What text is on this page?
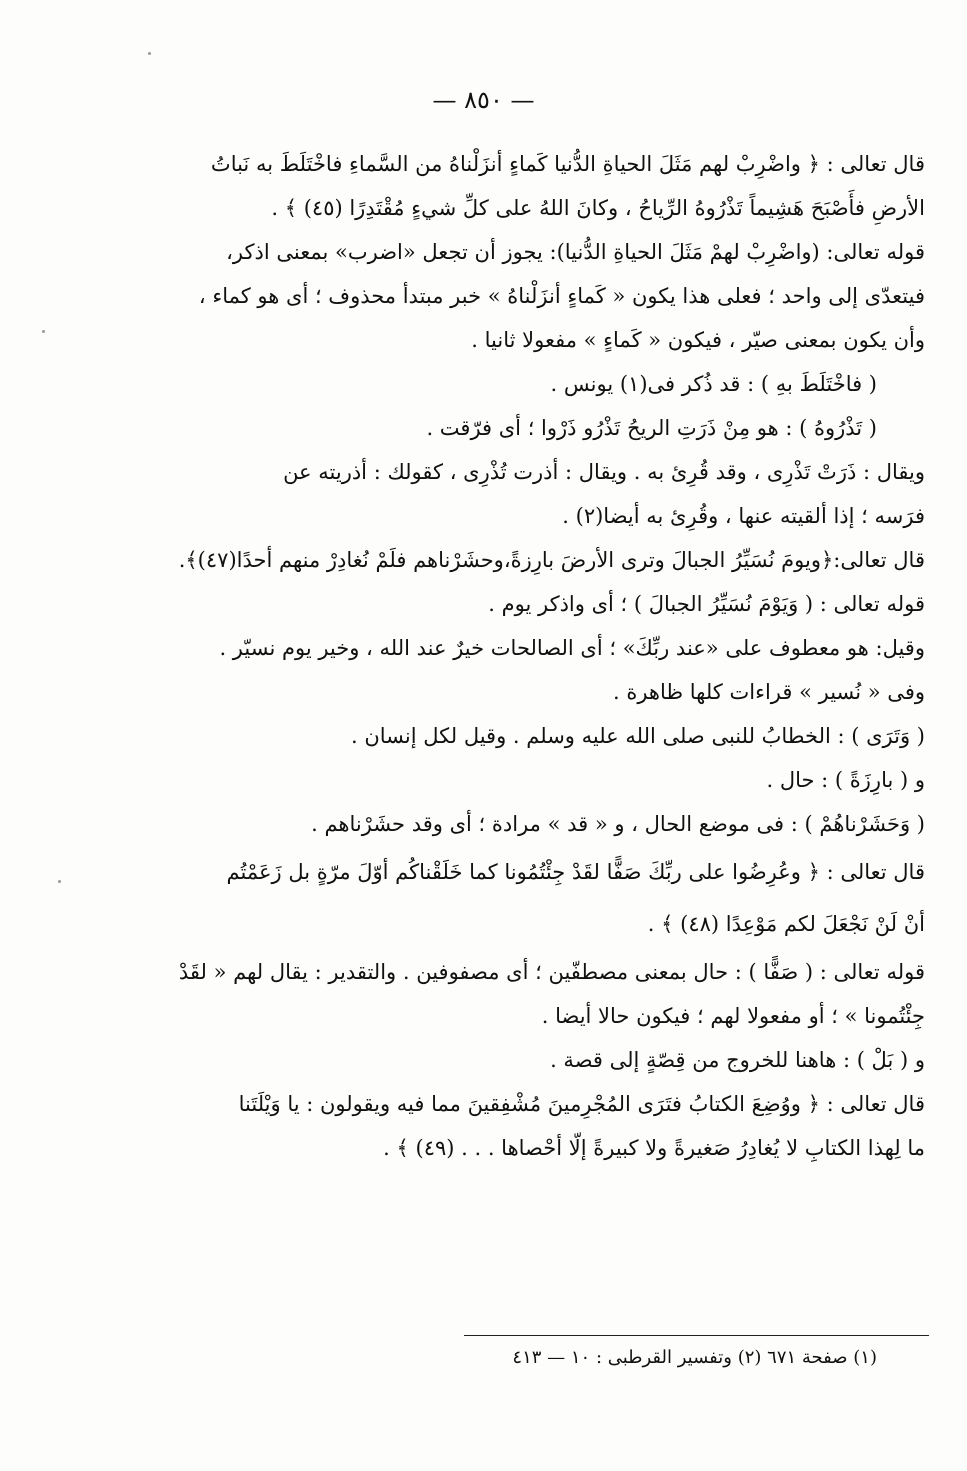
— ٨٥٠ —
قال تعالى : ﴿ واضْرِبْ لهم مَثَلَ الحياةِ الدُّنيا كَماءٍ أنزَلْناهُ من السَّماءِ فاخْتَلَطَ به نَباتُ
الأرضِ فأَصْبَحَ هَشِيماً تَذْرُوهُ الرِّياحُ ، وكانَ اللهُ على كلِّ شيءٍ مُقْتَدِرًا (٤٥) ﴾ .
قوله تعالى: (واضْرِبْ لهمْ مَثَلَ الحياةِ الدُّنيا): يجوز أن تجعل «اضرب» بمعنى اذكر،
فيتعدّى إلى واحد ؛ فعلى هذا يكون « كَماءٍ أنزَلْناهُ » خبر مبتدأ محذوف ؛ أى هو كماء ،
وأن يكون بمعنى صيّر ، فيكون « كَماءٍ » مفعولا ثانيا .
( فاخْتَلَطَ بهِ ) : قد ذُكر فى(١) يونس .
( تَذْرُوهُ ) : هو مِنْ ذَرَتِ الريحُ تَذْرُو ذَرْوا ؛ أى فرّقت .
ويقال : ذَرَتْ تَذْرِى ، وقد قُرِئ به . ويقال : أذرت تُذْرِى ، كقولك : أذريته عن
فرَسه ؛ إذا ألقيته عنها ، وقُرِئ به أيضا(٢) .
قال تعالى:﴿ويومَ نُسَيِّرُ الجبالَ وترى الأرضَ بارِزةً،وحشَرْناهم فلَمْ نُغادِرْ منهم أحدًا(٤٧)﴾.
قوله تعالى : ( وَيَوْمَ نُسَيِّرُ الجبالَ ) ؛ أى واذكر يوم .
وقيل: هو معطوف على «عند ربِّكَ» ؛ أى الصالحات خيرٌ عند الله ، وخير يوم نسيّر .
وفى « نُسير » قراءات كلها ظاهرة .
( وَتَرَى ) : الخطابُ للنبى صلى الله عليه وسلم . وقيل لكل إنسان .
و ( بارِزَةً ) : حال .
( وَحَشَرْناهُمْ ) : فى موضع الحال ، و « قد » مرادة ؛ أى وقد حشَرْناهم .
قال تعالى : ﴿ وعُرِضُوا على ربِّكَ صَفًّا لقَدْ جِئْتُمُونا كما خَلَقْناكُم أوّلَ مرّةٍ بل زَعَمْتُم
أنْ لَنْ نَجْعَلَ لكم مَوْعِدًا (٤٨) ﴾ .
قوله تعالى : ( صَفًّا ) : حال بمعنى مصطفّين ؛ أى مصفوفين . والتقدير : يقال لهم « لقَدْ
جِئْتُمونا » ؛ أو مفعولا لهم ؛ فيكون حالا أيضا .
و ( بَلْ ) : هاهنا للخروج من قِصّةٍ إلى قصة .
قال تعالى : ﴿ ووُضِعَ الكتابُ فتَرَى المُجْرِمينَ مُشْفِقينَ مما فيه ويقولون : يا وَيْلَتَنا
ما لِهذا الكتابِ لا يُغادِرُ صَغيرةً ولا كبيرةً إلّا أحْصاها . . . (٤٩) ﴾ .
(١) صفحة ٦٧١ (٢) وتفسير القرطبى : ١٠ — ٤١٣
